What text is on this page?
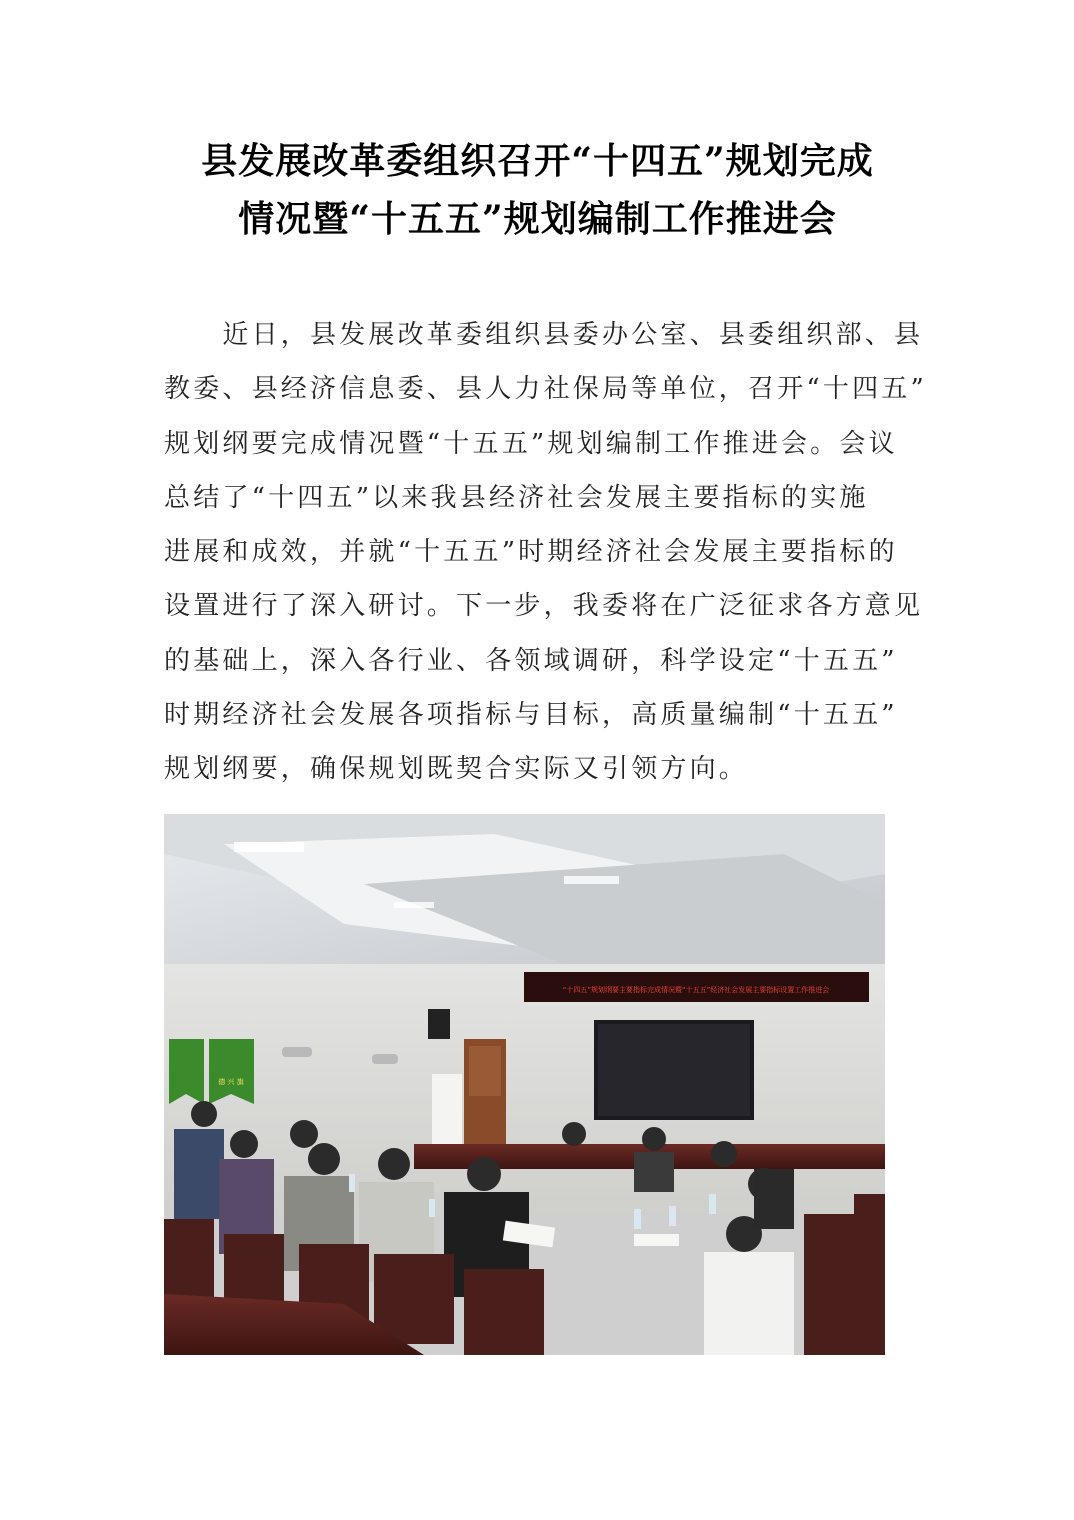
县发展改革委组织召开“十四五”规划完成
情况暨“十五五”规划编制工作推进会
　　近日，县发展改革委组织县委办公室、县委组织部、县
教委、县经济信息委、县人力社保局等单位，召开“十四五”
规划纲要完成情况暨“十五五”规划编制工作推进会。会议
总结了“十四五”以来我县经济社会发展主要指标的实施
进展和成效，并就“十五五”时期经济社会发展主要指标的
设置进行了深入研讨。下一步，我委将在广泛征求各方意见
的基础上，深入各行业、各领域调研，科学设定“十五五”
时期经济社会发展各项指标与目标，高质量编制“十五五”
规划纲要，确保规划既契合实际又引领方向。
“十四五”规划纲要主要指标完成情况暨“十五五”经济社会发展主要指标设置工作推进会
德 兴 旗
